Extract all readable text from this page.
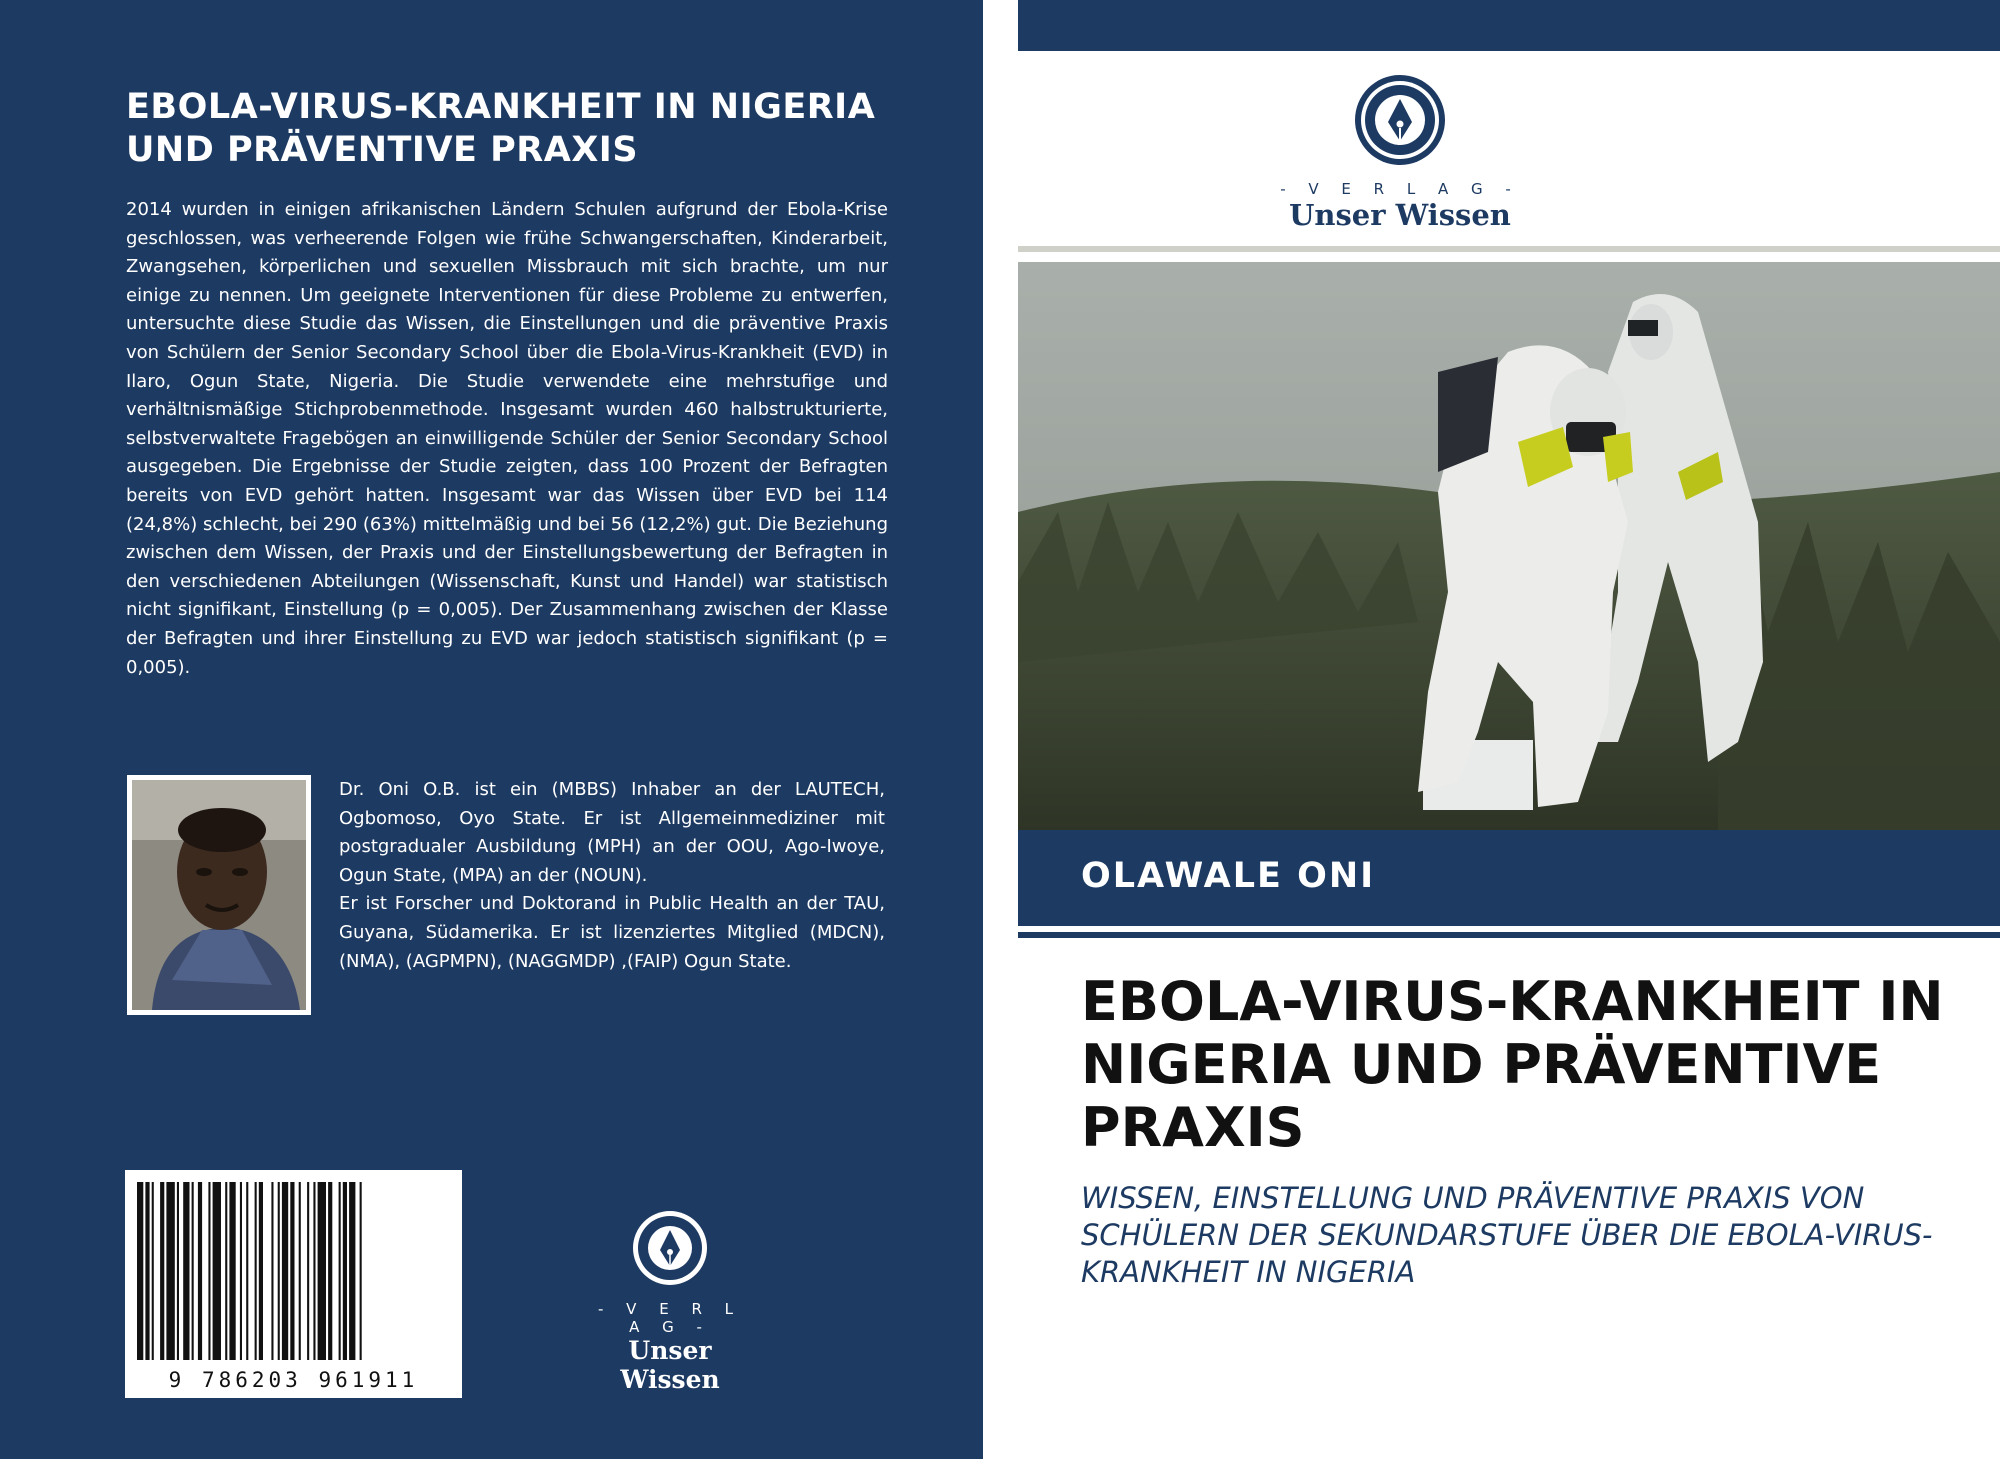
EBOLA-VIRUS-KRANKHEIT IN NIGERIA UND PRÄVENTIVE PRAXIS
2014 wurden in einigen afrikanischen Ländern Schulen aufgrund der Ebola-Krise geschlossen, was verheerende Folgen wie frühe Schwangerschaften, Kinderarbeit, Zwangsehen, körperlichen und sexuellen Missbrauch mit sich brachte, um nur einige zu nennen. Um geeignete Interventionen für diese Probleme zu entwerfen, untersuchte diese Studie das Wissen, die Einstellungen und die präventive Praxis von Schülern der Senior Secondary School über die Ebola-Virus-Krankheit (EVD) in Ilaro, Ogun State, Nigeria. Die Studie verwendete eine mehrstufige und verhältnismäßige Stichprobenmethode. Insgesamt wurden 460 halbstrukturierte, selbstverwaltete Fragebögen an einwilligende Schüler der Senior Secondary School ausgegeben. Die Ergebnisse der Studie zeigten, dass 100 Prozent der Befragten bereits von EVD gehört hatten. Insgesamt war das Wissen über EVD bei 114 (24,8%) schlecht, bei 290 (63%) mittelmäßig und bei 56 (12,2%) gut. Die Beziehung zwischen dem Wissen, der Praxis und der Einstellungsbewertung der Befragten in den verschiedenen Abteilungen (Wissenschaft, Kunst und Handel) war statistisch nicht signifikant, Einstellung (p = 0,005). Der Zusammenhang zwischen der Klasse der Befragten und ihrer Einstellung zu EVD war jedoch statistisch signifikant (p = 0,005).
Dr. Oni O.B. ist ein (MBBS) Inhaber an der LAUTECH, Ogbomoso, Oyo State. Er ist Allgemeinmediziner mit postgradualer Ausbildung (MPH) an der OOU, Ago-Iwoye, Ogun State, (MPA) an der (NOUN).
Er ist Forscher und Doktorand in Public Health an der TAU, Guyana, Südamerika. Er ist lizenziertes Mitglied (MDCN), (NMA), (AGPMPN), (NAGGMDP) ,(FAIP) Ogun State.
9 786203 961911
- V E R L A G -
Unser Wissen
- V E R L A G -
Unser Wissen
OLAWALE ONI
EBOLA-VIRUS-KRANKHEIT IN NIGERIA UND PRÄVENTIVE PRAXIS
WISSEN, EINSTELLUNG UND PRÄVENTIVE PRAXIS VON SCHÜLERN DER SEKUNDARSTUFE ÜBER DIE EBOLA-VIRUS-KRANKHEIT IN NIGERIA
